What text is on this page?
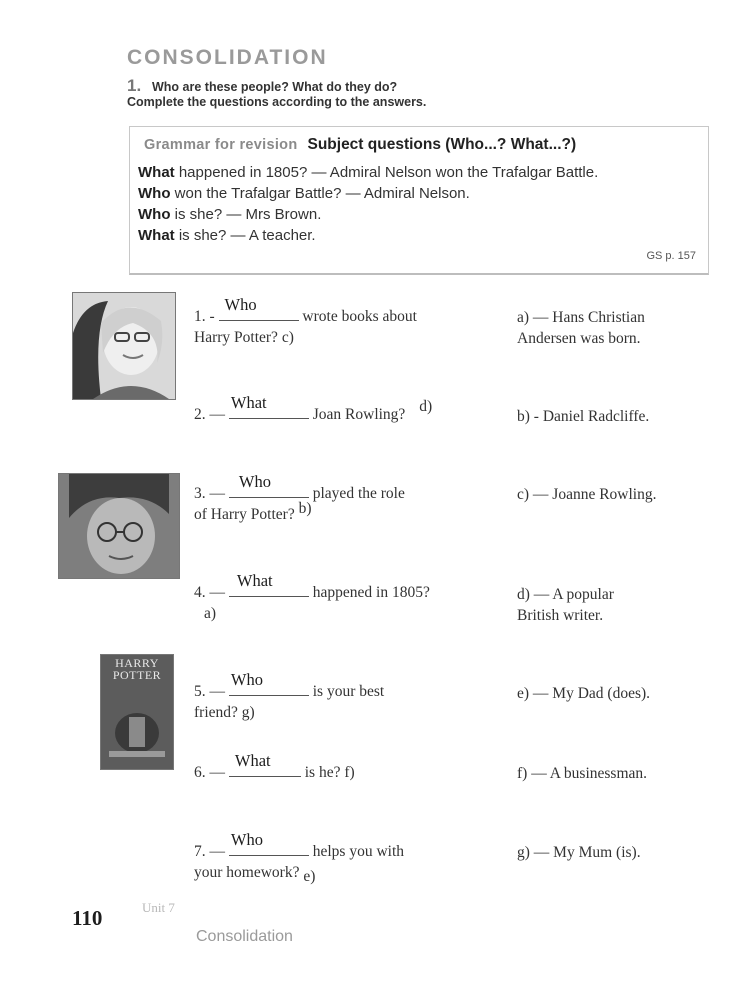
CONSOLIDATION
1. Who are these people? What do they do?
Complete the questions according to the answers.
Grammar for revision Subject questions (Who...? What...?)
What happened in 1805? — Admiral Nelson won the Trafalgar Battle.
Who won the Trafalgar Battle? — Admiral Nelson.
Who is she? — Mrs Brown.
What is she? — A teacher.
GS p. 157
HARRY
POTTER
1. -
Who
wrote books about
Harry Potter? c)
2. —
What
Joan Rowling? d)
3. —
Who
played the role
of Harry Potter? b)
4. —
What
happened in 1805?
a)
5. —
Who
is your best
friend? g)
6. —
What
is he? f)
7. —
Who
helps you with
your homework? e)
a) — Hans Christian
Andersen was born.
b) - Daniel Radcliffe.
c) — Joanne Rowling.
d) — A popular
British writer.
e) — My Dad (does).
f) — A businessman.
g) — My Mum (is).
110	Unit 7
Consolidation
